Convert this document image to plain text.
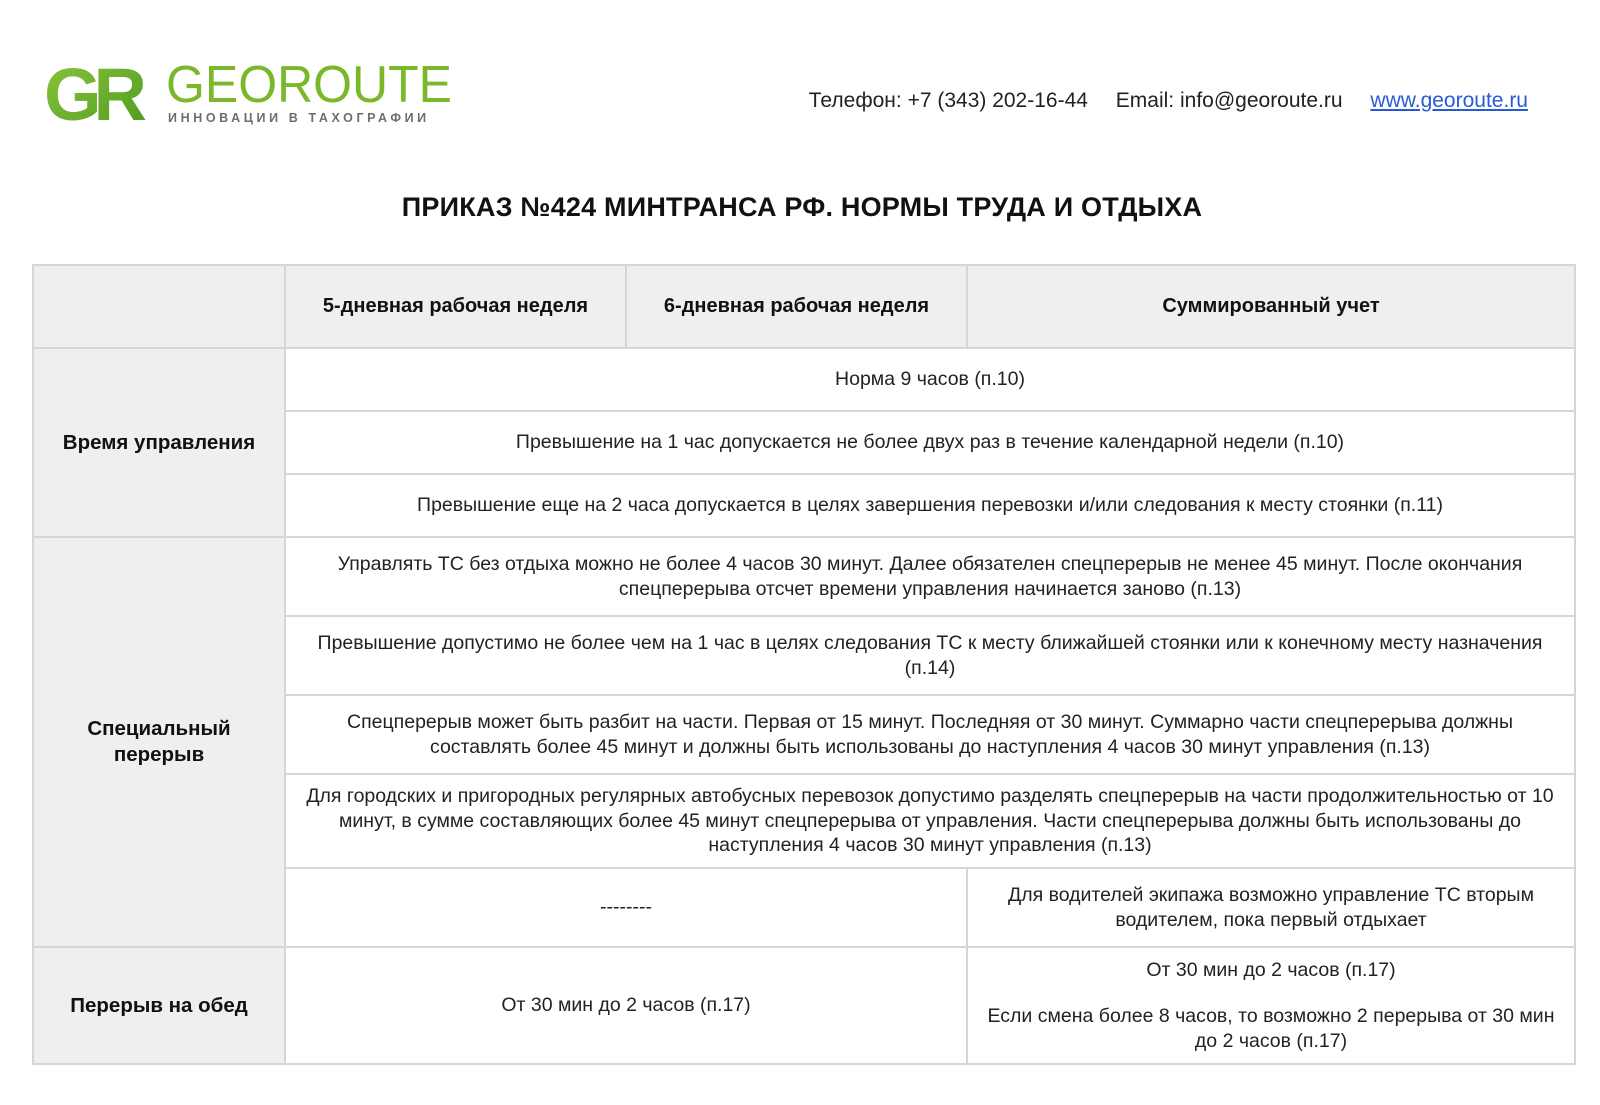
GR GEOROUTE
ИННОВАЦИИ В ТАХОГРАФИИ
Телефон: +7 (343) 202-16-44 Email: info@georoute.ru www.georoute.ru
ПРИКАЗ №424 МИНТРАНСА РФ. НОРМЫ ТРУДА И ОТДЫХА
	5-дневная рабочая неделя	6-дневная рабочая неделя	Суммированный учет
Время управления	Норма 9 часов (п.10)		
	Превышение на 1 час допускается не более двух раз в течение календарной недели (п.10)		
	Превышение еще на 2 часа допускается в целях завершения перевозки и/или следования к месту стоянки (п.11)		
Специальный перерыв	Управлять ТС без отдыха можно не более 4 часов 30 минут. Далее обязателен спецперерыв не менее 45 минут. После окончания спецперерыва отсчет времени управления начинается заново (п.13)		
	Превышение допустимо не более чем на 1 час в целях следования ТС к месту ближайшей стоянки или к конечному месту назначения (п.14)		
	Спецперерыв может быть разбит на части. Первая от 15 минут. Последняя от 30 минут. Суммарно части спецперерыва должны составлять более 45 минут и должны быть использованы до наступления 4 часов 30 минут управления (п.13)		
	Для городских и пригородных регулярных автобусных перевозок допустимо разделять спецперерыв на части продолжительностью от 10 минут, в сумме составляющих более 45 минут спецперерыва от управления. Части спецперерыва должны быть использованы до наступления 4 часов 30 минут управления (п.13)		
	--------		Для водителей экипажа возможно управление ТС вторым водителем, пока первый отдыхает
Перерыв на обед	От 30 мин до 2 часов (п.17)		От 30 мин до 2 часов (п.17)
Если смена более 8 часов, то возможно 2 перерыва от 30 мин до 2 часов (п.17)
